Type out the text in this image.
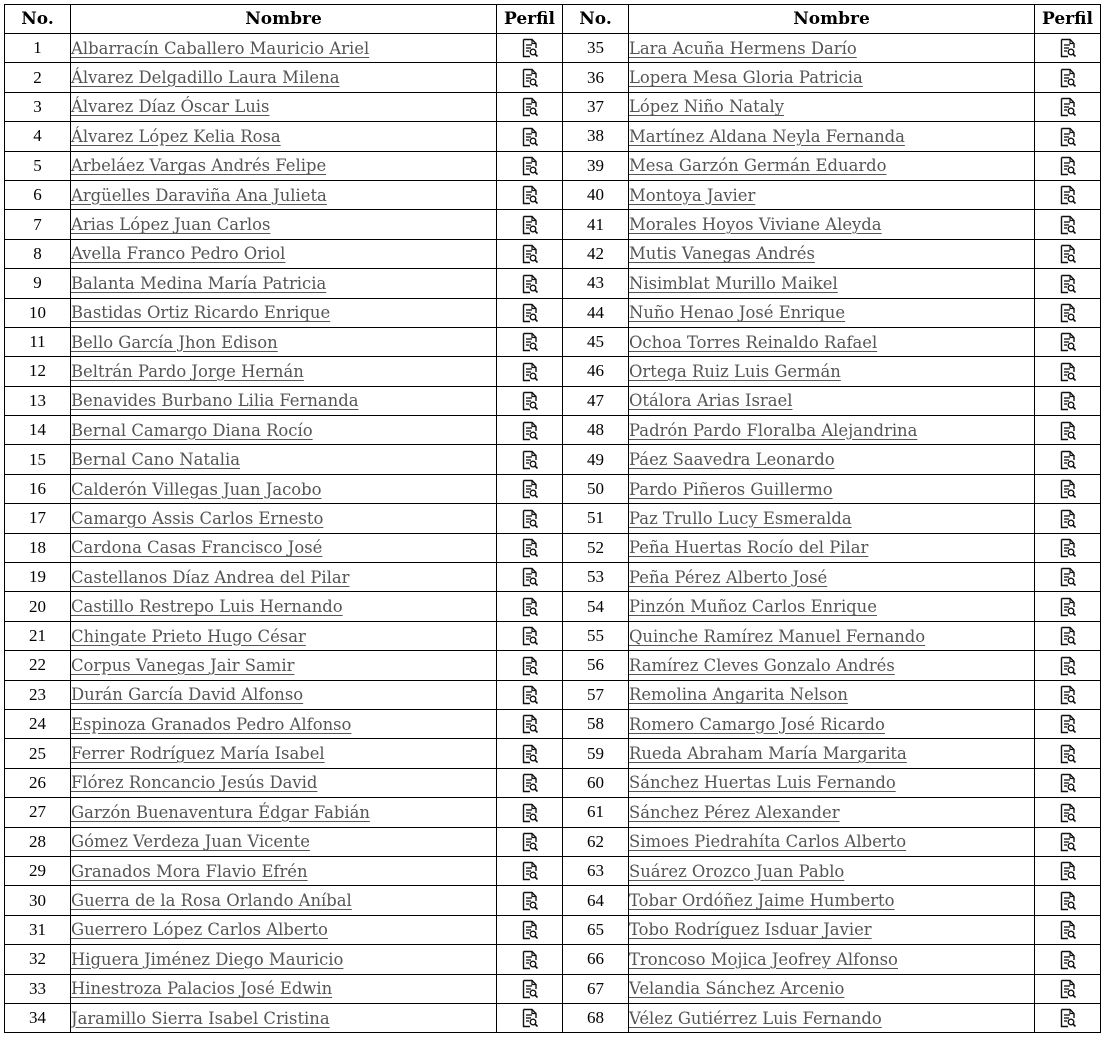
No.	Nombre	Perfil	No.	Nombre	Perfil
1	Albarracín Caballero Mauricio Ariel		35	Lara Acuña Hermens Darío	

2	Álvarez Delgadillo Laura Milena		36	Lopera Mesa Gloria Patricia	

3	Álvarez Díaz Óscar Luis		37	López Niño Nataly	

4	Álvarez López Kelia Rosa		38	Martínez Aldana Neyla Fernanda	

5	Arbeláez Vargas Andrés Felipe		39	Mesa Garzón Germán Eduardo	

6	Argüelles Daraviña Ana Julieta		40	Montoya Javier	

7	Arias López Juan Carlos		41	Morales Hoyos Viviane Aleyda	

8	Avella Franco Pedro Oriol		42	Mutis Vanegas Andrés	

9	Balanta Medina María Patricia		43	Nisimblat Murillo Maikel	

10	Bastidas Ortiz Ricardo Enrique		44	Nuño Henao José Enrique	

11	Bello García Jhon Edison		45	Ochoa Torres Reinaldo Rafael	

12	Beltrán Pardo Jorge Hernán		46	Ortega Ruiz Luis Germán	

13	Benavides Burbano Lilia Fernanda		47	Otálora Arias Israel	

14	Bernal Camargo Diana Rocío		48	Padrón Pardo Floralba Alejandrina	

15	Bernal Cano Natalia		49	Páez Saavedra Leonardo	

16	Calderón Villegas Juan Jacobo		50	Pardo Piñeros Guillermo	

17	Camargo Assis Carlos Ernesto		51	Paz Trullo Lucy Esmeralda	

18	Cardona Casas Francisco José		52	Peña Huertas Rocío del Pilar	

19	Castellanos Díaz Andrea del Pilar		53	Peña Pérez Alberto José	

20	Castillo Restrepo Luis Hernando		54	Pinzón Muñoz Carlos Enrique	

21	Chingate Prieto Hugo César		55	Quinche Ramírez Manuel Fernando	

22	Corpus Vanegas Jair Samir		56	Ramírez Cleves Gonzalo Andrés	

23	Durán García David Alfonso		57	Remolina Angarita Nelson	

24	Espinoza Granados Pedro Alfonso		58	Romero Camargo José Ricardo	

25	Ferrer Rodríguez María Isabel		59	Rueda Abraham María Margarita	

26	Flórez Roncancio Jesús David		60	Sánchez Huertas Luis Fernando	

27	Garzón Buenaventura Édgar Fabián		61	Sánchez Pérez Alexander	

28	Gómez Verdeza Juan Vicente		62	Simoes Piedrahíta Carlos Alberto	

29	Granados Mora Flavio Efrén		63	Suárez Orozco Juan Pablo	

30	Guerra de la Rosa Orlando Aníbal		64	Tobar Ordóñez Jaime Humberto	

31	Guerrero López Carlos Alberto		65	Tobo Rodríguez Isduar Javier	

32	Higuera Jiménez Diego Mauricio		66	Troncoso Mojica Jeofrey Alfonso	

33	Hinestroza Palacios José Edwin		67	Velandia Sánchez Arcenio	

34	Jaramillo Sierra Isabel Cristina		68	Vélez Gutiérrez Luis Fernando	
